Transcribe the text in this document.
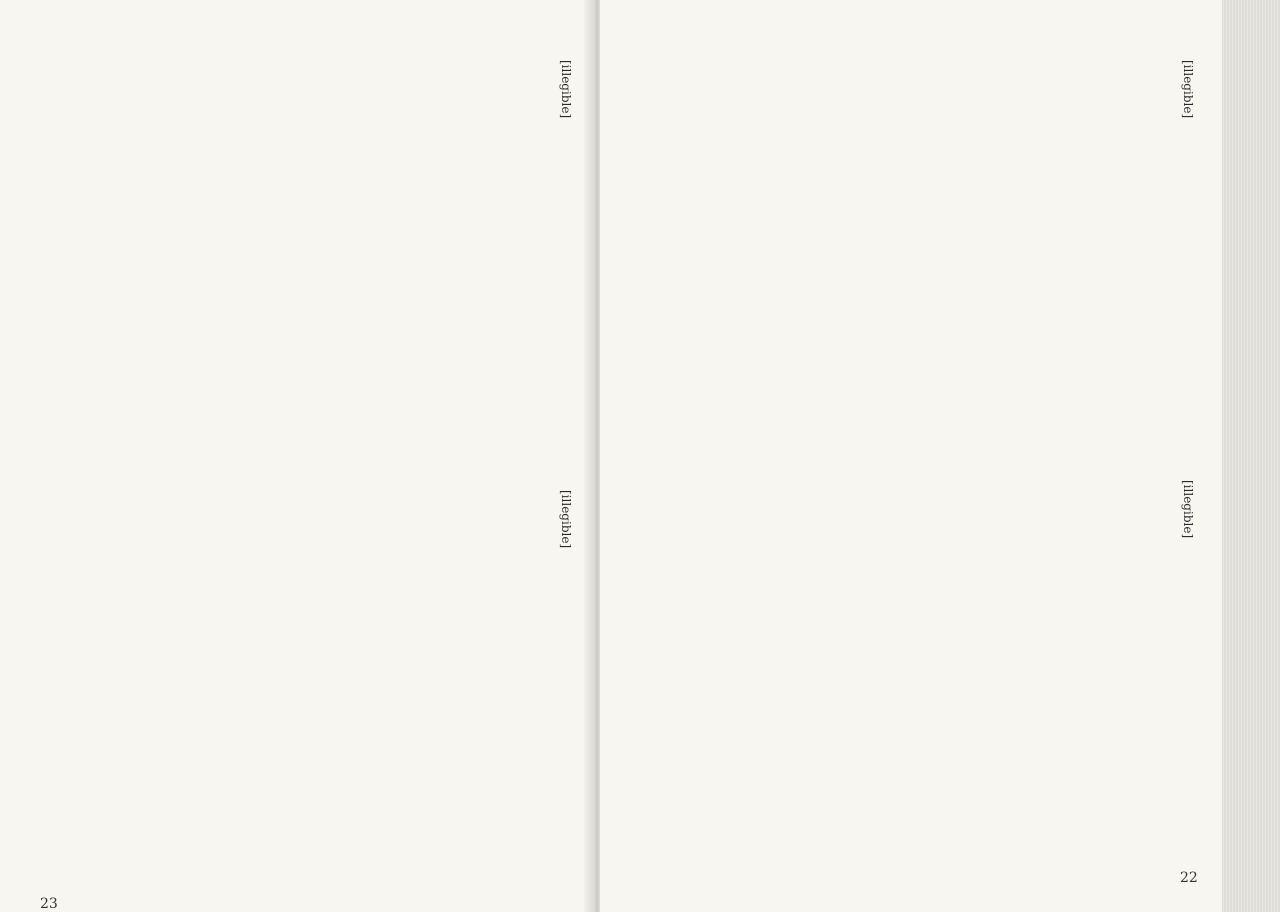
[illegible]
[illegible]
23
[illegible]
[illegible]
22
